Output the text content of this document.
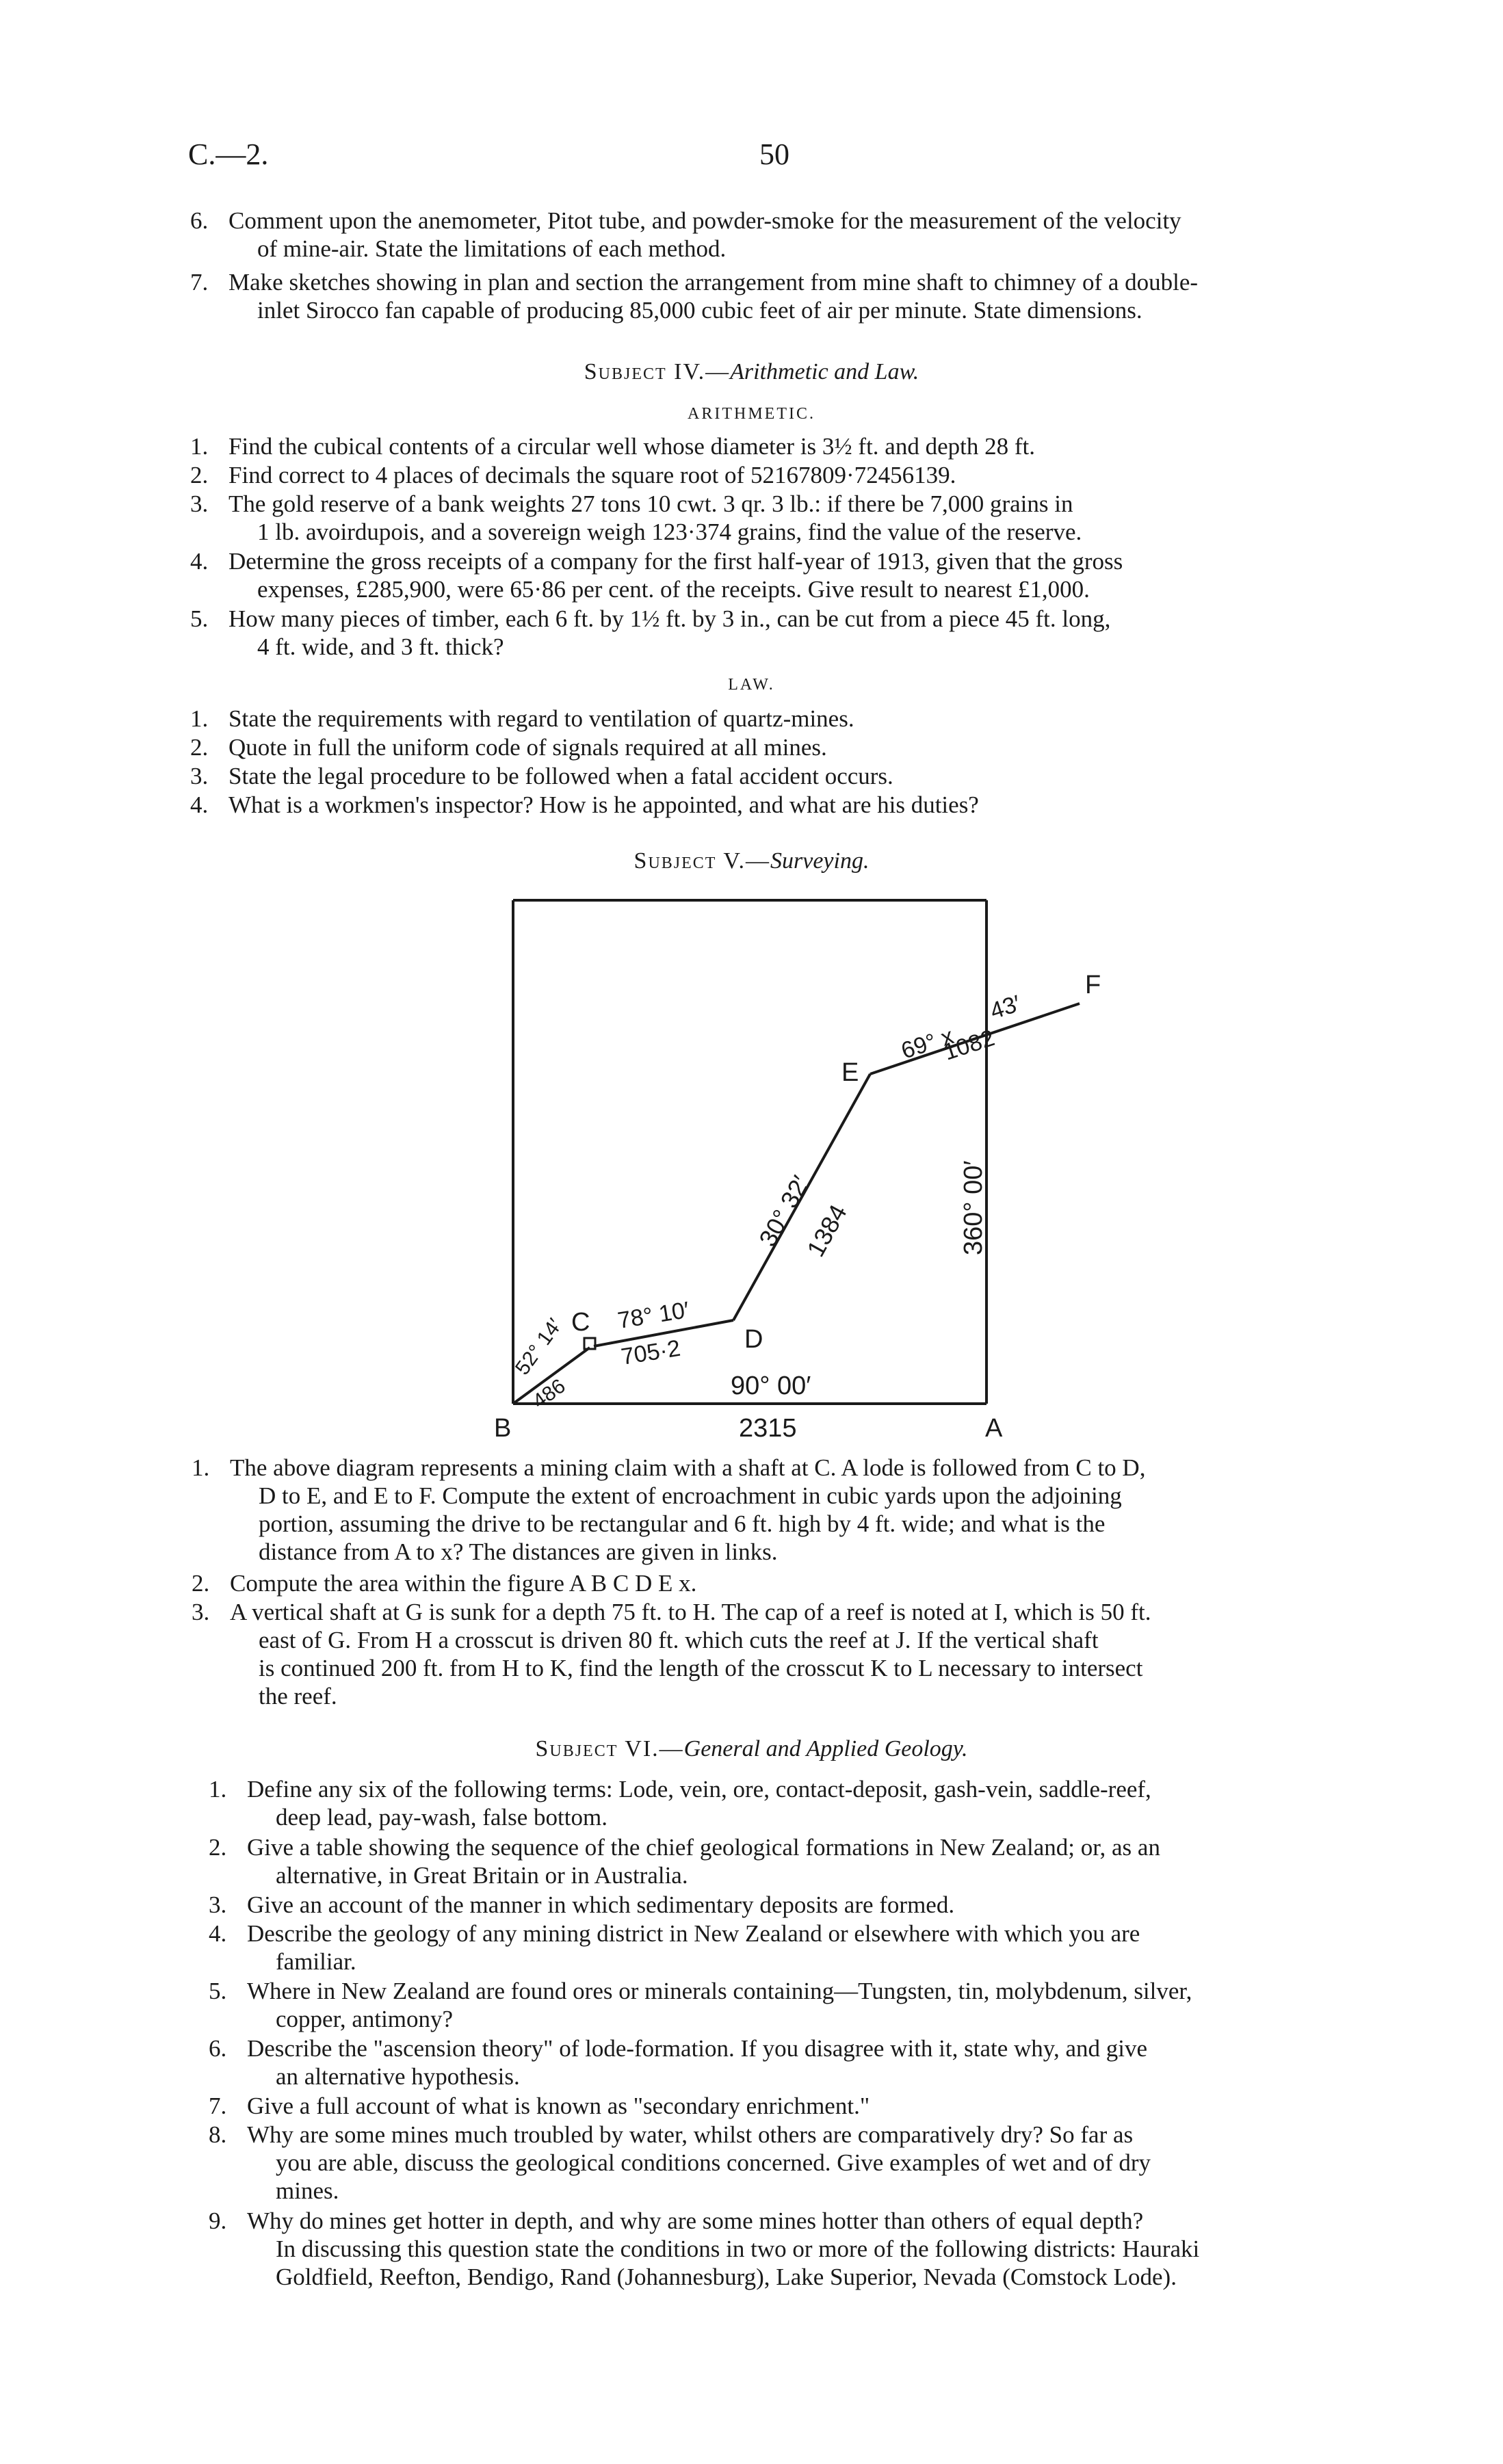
C.—2.	50
6. Comment upon the anemometer, Pitot tube, and powder-smoke for the measurement of the velocity
of mine-air. State the limitations of each method.
7. Make sketches showing in plan and section the arrangement from mine shaft to chimney of a double-
inlet Sirocco fan capable of producing 85,000 cubic feet of air per minute. State dimensions.
Subject IV.—Arithmetic and Law.
ARITHMETIC.
1. Find the cubical contents of a circular well whose diameter is 3½ ft. and depth 28 ft.
2. Find correct to 4 places of decimals the square root of 52167809·72456139.
3. The gold reserve of a bank weights 27 tons 10 cwt. 3 qr. 3 lb.: if there be 7,000 grains in
1 lb. avoirdupois, and a sovereign weigh 123·374 grains, find the value of the reserve.
4. Determine the gross receipts of a company for the first half-year of 1913, given that the gross
expenses, £285,900, were 65·86 per cent. of the receipts. Give result to nearest £1,000.
5. How many pieces of timber, each 6 ft. by 1½ ft. by 3 in., can be cut from a piece 45 ft. long,
4 ft. wide, and 3 ft. thick?
LAW.
1. State the requirements with regard to ventilation of quartz-mines.
2. Quote in full the uniform code of signals required at all mines.
3. State the legal procedure to be followed when a fatal accident occurs.
4. What is a workmen's inspector? How is he appointed, and what are his duties?
Subject V.—Surveying.
B	A
C
D
E
F
2315
90° 00′
78° 10′
705·2
52° 14′
486
30° 32′
1384
69° x
43′
1082
360° 00′
1. The above diagram represents a mining claim with a shaft at C. A lode is followed from C to D,
D to E, and E to F. Compute the extent of encroachment in cubic yards upon the adjoining
portion, assuming the drive to be rectangular and 6 ft. high by 4 ft. wide; and what is the
distance from A to x? The distances are given in links.
2. Compute the area within the figure A B C D E x.
3. A vertical shaft at G is sunk for a depth 75 ft. to H. The cap of a reef is noted at I, which is 50 ft.
east of G. From H a crosscut is driven 80 ft. which cuts the reef at J. If the vertical shaft
is continued 200 ft. from H to K, find the length of the crosscut K to L necessary to intersect
the reef.
Subject VI.—General and Applied Geology.
1. Define any six of the following terms: Lode, vein, ore, contact-deposit, gash-vein, saddle-reef,
deep lead, pay-wash, false bottom.
2. Give a table showing the sequence of the chief geological formations in New Zealand; or, as an
alternative, in Great Britain or in Australia.
3. Give an account of the manner in which sedimentary deposits are formed.
4. Describe the geology of any mining district in New Zealand or elsewhere with which you are
familiar.
5. Where in New Zealand are found ores or minerals containing—Tungsten, tin, molybdenum, silver,
copper, antimony?
6. Describe the "ascension theory" of lode-formation. If you disagree with it, state why, and give
an alternative hypothesis.
7. Give a full account of what is known as "secondary enrichment."
8. Why are some mines much troubled by water, whilst others are comparatively dry? So far as
you are able, discuss the geological conditions concerned. Give examples of wet and of dry
mines.
9. Why do mines get hotter in depth, and why are some mines hotter than others of equal depth?
In discussing this question state the conditions in two or more of the following districts: Hauraki
Goldfield, Reefton, Bendigo, Rand (Johannesburg), Lake Superior, Nevada (Comstock Lode).
